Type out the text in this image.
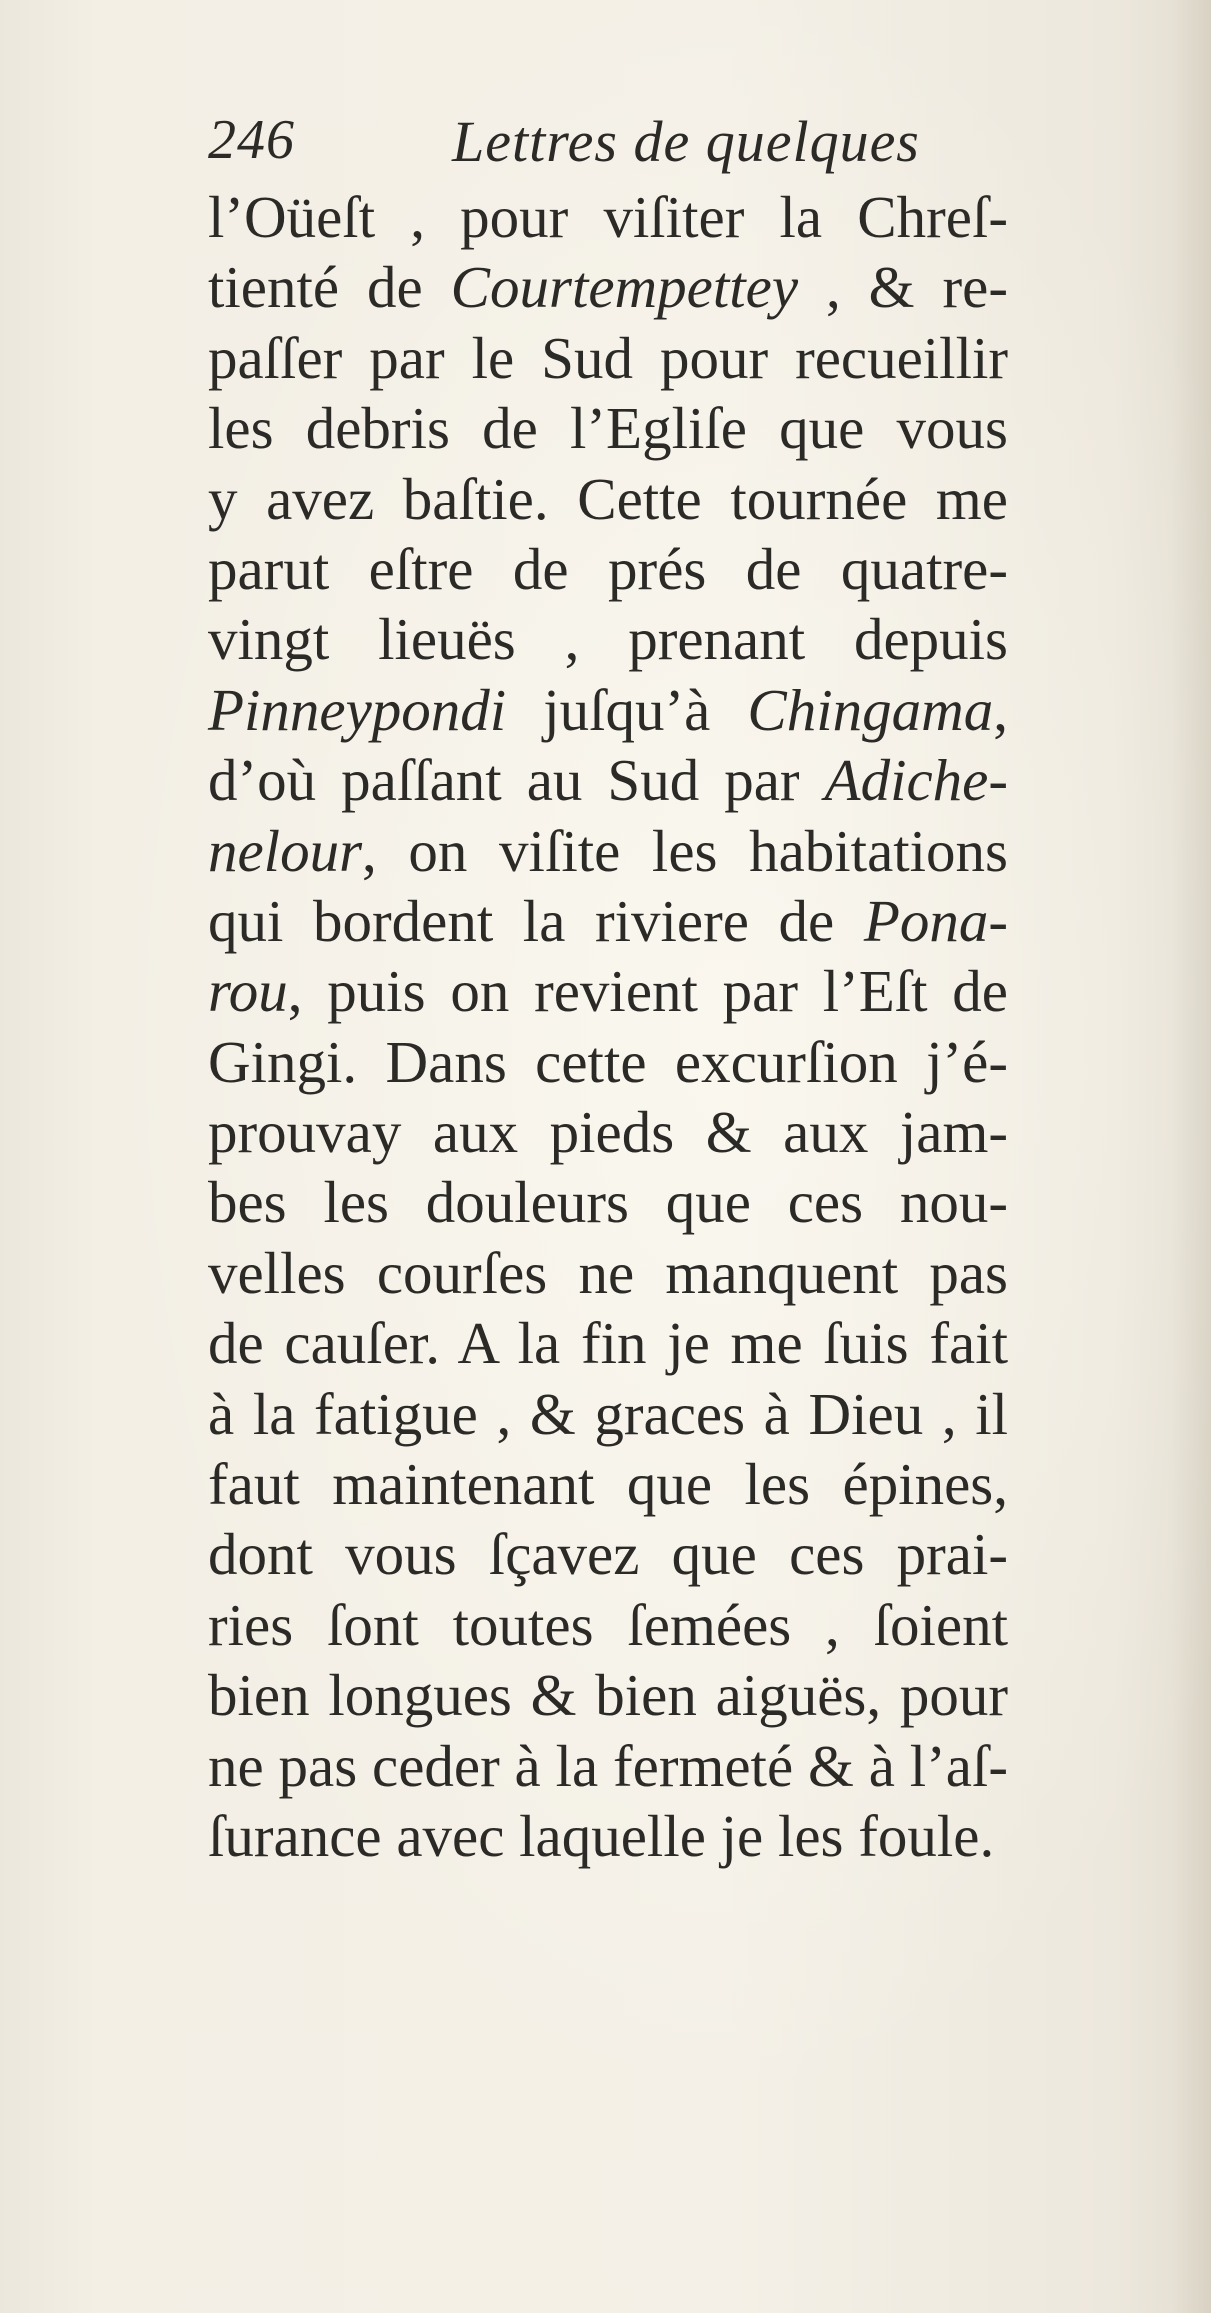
246	Lettres de quelques
l’Oüeſt , pour viſiter la Chreſ-
tienté de Courtempettey , & re-
paſſer par le Sud pour recueillir
les debris de l’Egliſe que vous
y avez baſtie. Cette tournée me
parut eſtre de prés de quatre-
vingt lieuës , prenant depuis
Pinneypondi juſqu’à Chingama,
d’où paſſant au Sud par Adiche-
nelour, on viſite les habitations
qui bordent la riviere de Pona-
rou, puis on revient par l’Eſt de
Gingi. Dans cette excurſion j’é-
prouvay aux pieds & aux jam-
bes les douleurs que ces nou-
velles courſes ne manquent pas
de cauſer. A la fin je me ſuis fait
à la fatigue , & graces à Dieu , il
faut maintenant que les épines,
dont vous ſçavez que ces prai-
ries ſont toutes ſemées , ſoient
bien longues & bien aiguës, pour
ne pas ceder à la fermeté & à l’aſ-
ſurance avec laquelle je les foule.
